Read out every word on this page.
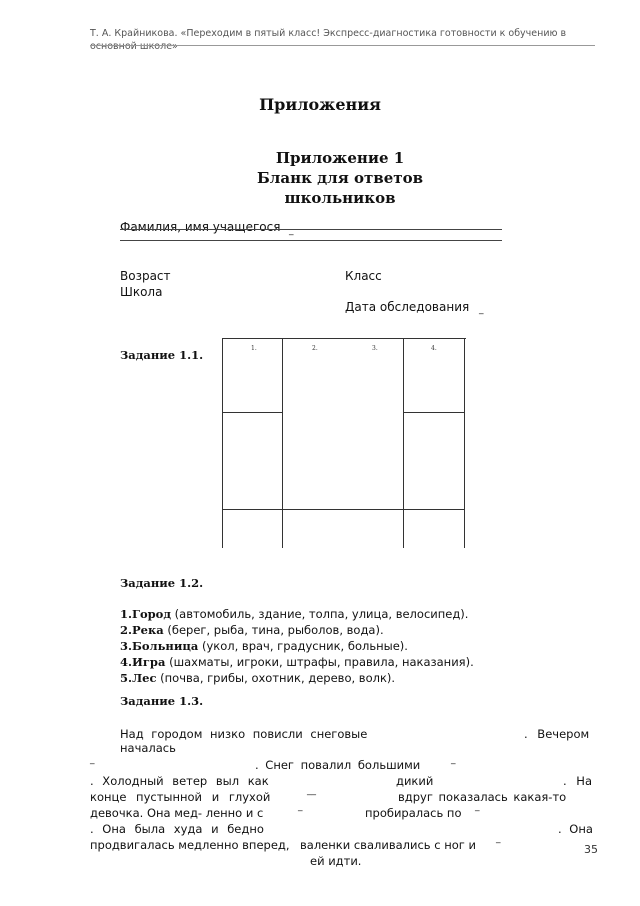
Т. А. Крайникова. «Переходим в пятый класс! Экспресс-диагностика готовности к обучению в основной школе»
Приложения
Приложение 1
Бланк для ответов
школьников
Фамилия, имя учащегося _
Возраст	Класс
Школа
Дата обследования _
Задание 1.1.	1.	2.	3.	4.
Задание 1.2.
1.Город (автомобиль, здание, толпа, улица, велосипед).
2.Река (берег, рыба, тина, рыболов, вода).
3.Больница (укол, врач, градусник, больные).
4.Игра (шахматы, игроки, штрафы, правила, наказания).
5.Лес (почва, грибы, охотник, дерево, волк).
Задание 1.3.
Над городом низко повисли снеговые	. Вечером
началась
_	. Снег повалил большими	_
. Холодный ветер выл как	дикий	. На
конце пустынной и глухой	__	вдруг показалась какая-то
девочка. Она мед- ленно и с	_	пробиралась по _
. Она была худа и бедно	. Она
продвигалась медленно вперед, валенки сваливались с ног и _
ей идти.
35
